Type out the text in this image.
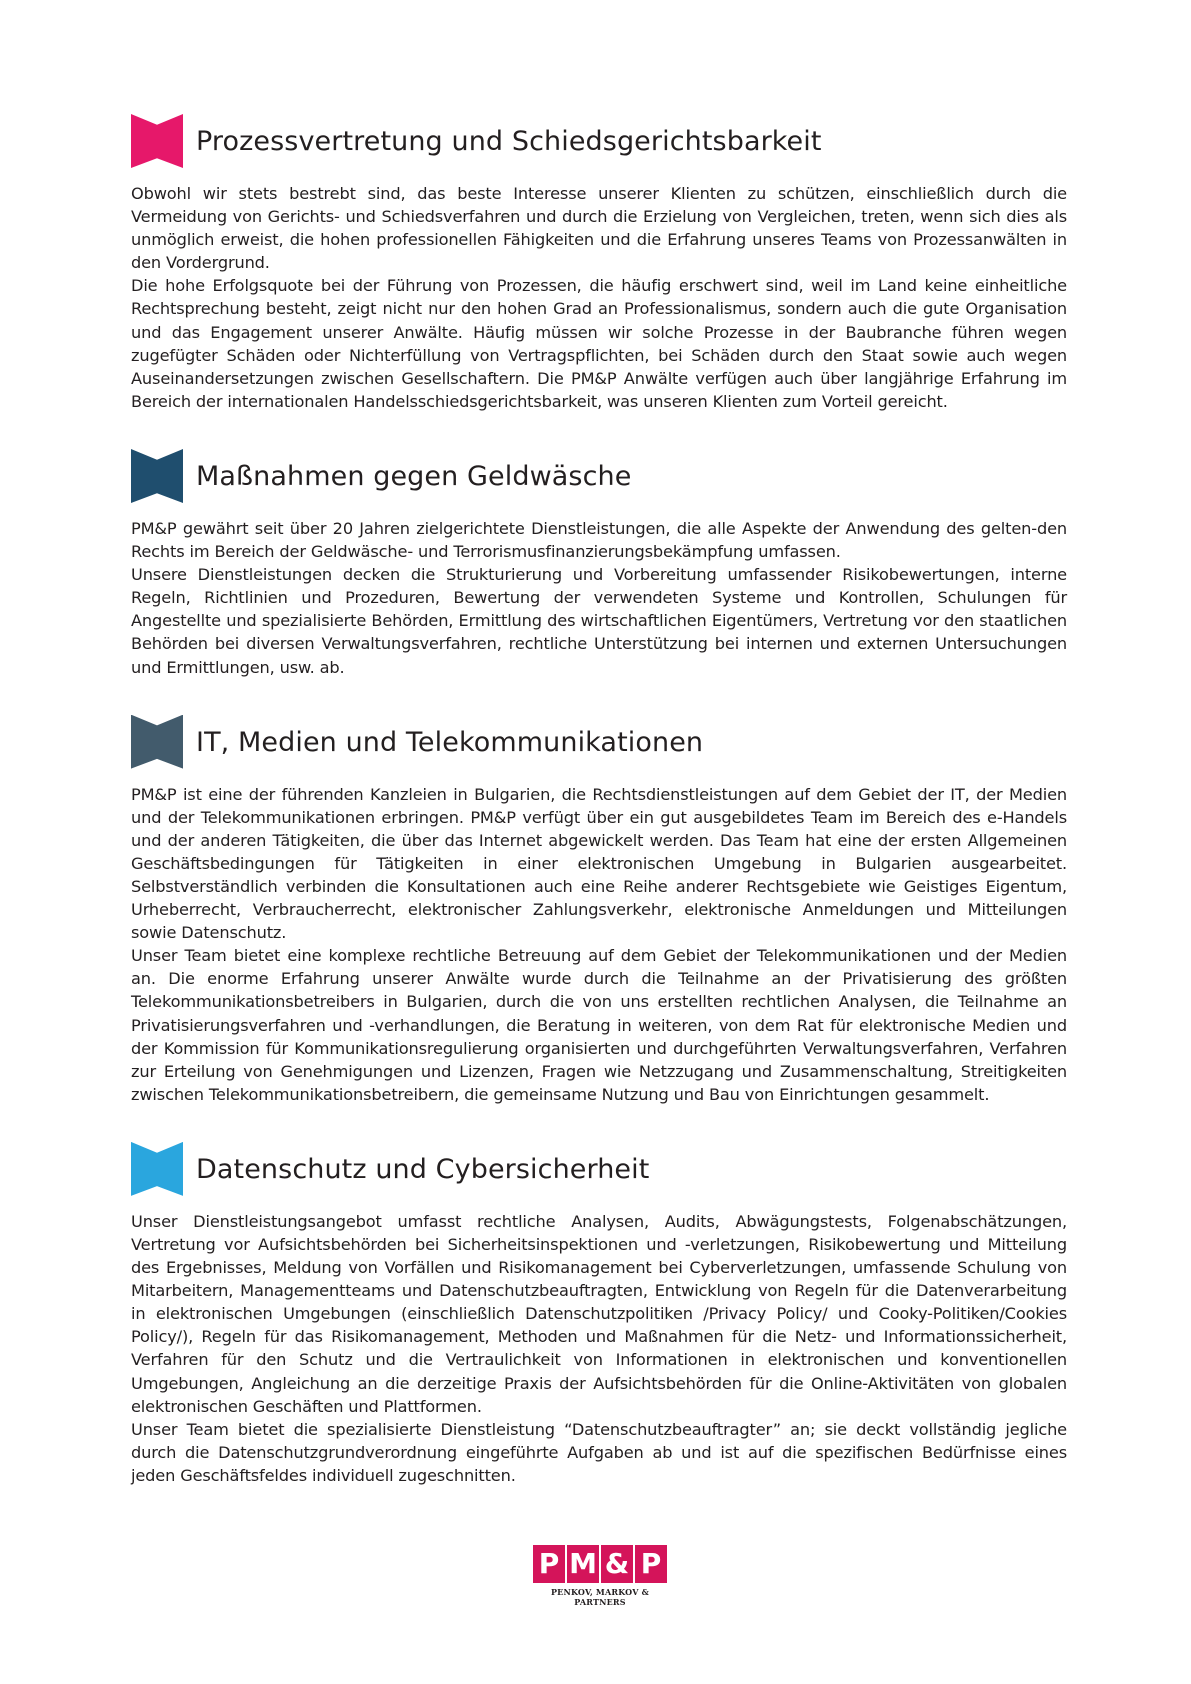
Prozessvertretung und Schiedsgerichtsbarkeit

Obwohl wir stets bestrebt sind, das beste Interesse unserer Klienten zu schützen, einschließlich durch die Vermeidung von Gerichts- und Schiedsverfahren und durch die Erzielung von Vergleichen, treten, wenn sich dies als unmöglich erweist, die hohen professionellen Fähigkeiten und die Erfahrung unseres Teams von Prozessanwälten in den Vordergrund.

Die hohe Erfolgsquote bei der Führung von Prozessen, die häufig erschwert sind, weil im Land keine einheitliche Rechtsprechung besteht, zeigt nicht nur den hohen Grad an Professionalismus, sondern auch die gute Organisation und das Engagement unserer Anwälte. Häufig müssen wir solche Prozesse in der Baubranche führen wegen zugefügter Schäden oder Nichterfüllung von Vertragspflichten, bei Schäden durch den Staat sowie auch wegen Auseinandersetzungen zwischen Gesellschaftern. Die PM&P Anwälte verfügen auch über langjährige Erfahrung im Bereich der internationalen Handelsschiedsgerichtsbarkeit, was unseren Klienten zum Vorteil gereicht.

Maßnahmen gegen Geldwäsche

PM&P gewährt seit über 20 Jahren zielgerichtete Dienstleistungen, die alle Aspekte der Anwendung des gelten-den Rechts im Bereich der Geldwäsche- und Terrorismusfinanzierungsbekämpfung umfassen.

Unsere Dienstleistungen decken die Strukturierung und Vorbereitung umfassender Risikobewertungen, interne Regeln, Richtlinien und Prozeduren, Bewertung der verwendeten Systeme und Kontrollen, Schulungen für Angestellte und spezialisierte Behörden, Ermittlung des wirtschaftlichen Eigentümers, Vertretung vor den staatlichen Behörden bei diversen Verwaltungsverfahren, rechtliche Unterstützung bei internen und externen Untersuchungen und Ermittlungen, usw. ab.

IT, Medien und Telekommunikationen

PM&P ist eine der führenden Kanzleien in Bulgarien, die Rechtsdienstleistungen auf dem Gebiet der IT, der Medien und der Telekommunikationen erbringen. PM&P verfügt über ein gut ausgebildetes Team im Bereich des e-Handels und der anderen Tätigkeiten, die über das Internet abgewickelt werden. Das Team hat eine der ersten Allgemeinen Geschäftsbedingungen für Tätigkeiten in einer elektronischen Umgebung in Bulgarien ausgearbeitet. Selbstverständlich verbinden die Konsultationen auch eine Reihe anderer Rechtsgebiete wie Geistiges Eigentum, Urheberrecht, Verbraucherrecht, elektronischer Zahlungsverkehr, elektronische Anmeldungen und Mitteilungen sowie Datenschutz.

Unser Team bietet eine komplexe rechtliche Betreuung auf dem Gebiet der Telekommunikationen und der Medien an. Die enorme Erfahrung unserer Anwälte wurde durch die Teilnahme an der Privatisierung des größten Telekommunikationsbetreibers in Bulgarien, durch die von uns erstellten rechtlichen Analysen, die Teilnahme an Privatisierungsverfahren und -verhandlungen, die Beratung in weiteren, von dem Rat für elektronische Medien und der Kommission für Kommunikationsregulierung organisierten und durchgeführten Verwaltungsverfahren, Verfahren zur Erteilung von Genehmigungen und Lizenzen, Fragen wie Netzzugang und Zusammenschaltung, Streitigkeiten zwischen Telekommunikationsbetreibern, die gemeinsame Nutzung und Bau von Einrichtungen gesammelt.

Datenschutz und Cybersicherheit

Unser Dienstleistungsangebot umfasst rechtliche Analysen, Audits, Abwägungstests, Folgenabschätzungen, Vertretung vor Aufsichtsbehörden bei Sicherheitsinspektionen und -verletzungen, Risikobewertung und Mitteilung des Ergebnisses, Meldung von Vorfällen und Risikomanagement bei Cyberverletzungen, umfassende Schulung von Mitarbeitern, Managementteams und Datenschutzbeauftragten, Entwicklung von Regeln für die Datenverarbeitung in elektronischen Umgebungen (einschließlich Datenschutzpolitiken /Privacy Policy/ und Cooky-Politiken/Cookies Policy/), Regeln für das Risikomanagement, Methoden und Maßnahmen für die Netz- und Informationssicherheit, Verfahren für den Schutz und die Vertraulichkeit von Informationen in elektronischen und konventionellen Umgebungen, Angleichung an die derzeitige Praxis der Aufsichtsbehörden für die Online-Aktivitäten von globalen elektronischen Geschäften und Plattformen.

Unser Team bietet die spezialisierte Dienstleistung “Datenschutzbeauftragter” an; sie deckt vollständig jegliche durch die Datenschutzgrundverordnung eingeführte Aufgaben ab und ist auf die spezifischen Bedürfnisse eines jeden Geschäftsfeldes individuell zugeschnitten.

P M & P
PENKOV, MARKOV & PARTNERS
